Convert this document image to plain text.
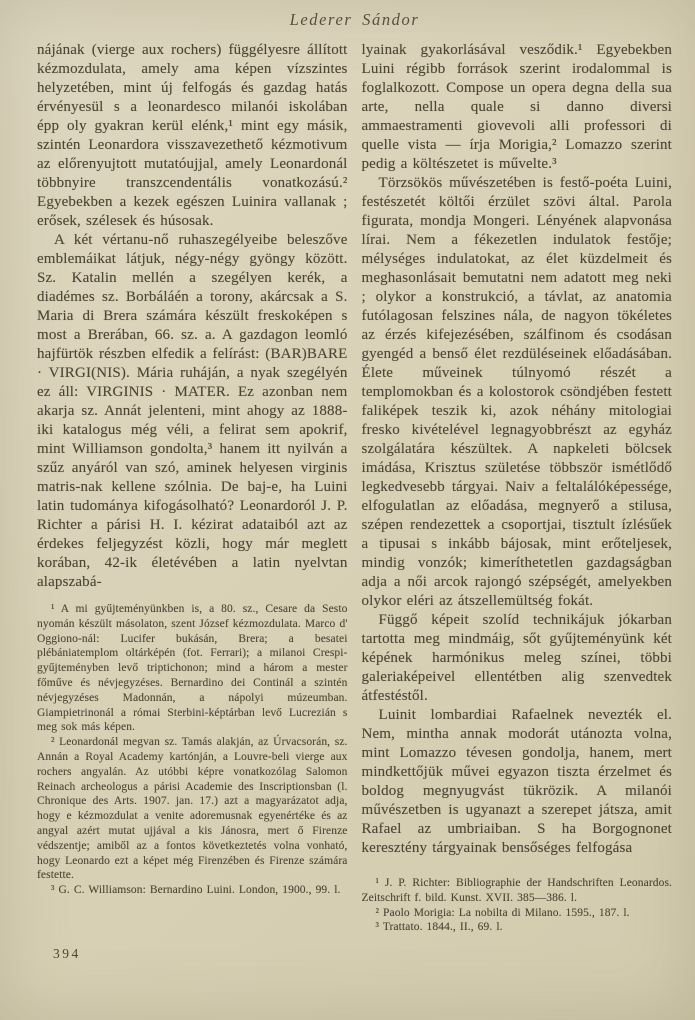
Lederer Sándor

nájának (vierge aux rochers) függélyesre állított kézmozdulata, amely ama képen vízszintes helyzetében, mint új felfogás és gazdag hatás érvényesül s a leonardesco milanói iskolában épp oly gyakran kerül elénk,¹ mint egy másik, szintén Leonardora visszavezethető kézmotivum az előrenyujtott mutatóujjal, amely Leonardonál többnyire transzcendentális vonatkozású.² Egyebekben a kezek egészen Luinira vallanak ; erősek, szélesek és húsosak.

A két vértanu-nő ruhaszegélyeibe beleszőve emblemáikat látjuk, négy-négy gyöngy között. Sz. Katalin mellén a szegélyen kerék, a diadémes sz. Borbáláén a torony, akárcsak a S. Maria di Brera számára készült freskoképen s most a Brerában, 66. sz. a. A gazdagon leomló hajfürtök részben elfedik a felírást: (BAR)BARE · VIRGI(NIS). Mária ruháján, a nyak szegélyén ez áll: VIRGINIS · MATER. Ez azonban nem akarja sz. Annát jelenteni, mint ahogy az 1888-iki katalogus még véli, a felirat sem apokrif, mint Williamson gondolta,³ hanem itt nyilván a szűz anyáról van szó, aminek helyesen virginis matris-nak kellene szólnia. De baj-e, ha Luini latin tudománya kifogásolható? Leonardoról J. P. Richter a párisi H. I. kézirat adataiból azt az érdekes feljegyzést közli, hogy már meglett korában, 42-ik életévében a latin nyelvtan alapszabá-

¹ A mi gyűjteményünkben is, a 80. sz., Cesare da Sesto nyomán készült másolaton, szent József kézmozdulata. Marco d' Oggiono-nál: Lucifer bukásán, Brera; a besatei plébániatemplom oltárképén (fot. Ferrari); a milanoi Crespi-gyűjteményben levő triptichonon; mind a három a mester főműve és névjegyzéses. Bernardino dei Continál a szintén névjegyzéses Madonnán, a nápolyi múzeumban. Giampietrinonál a római Sterbini-képtárban levő Lucrezián s meg sok más képen.

² Leonardonál megvan sz. Tamás alakján, az Úrvacsorán, sz. Annán a Royal Academy kartónján, a Louvre-beli vierge aux rochers angyalán. Az utóbbi képre vonatkozólag Salomon Reinach archeologus a párisi Academie des Inscriptionsban (l. Chronique des Arts. 1907. jan. 17.) azt a magyarázatot adja, hogy e kézmozdulat a venite adoremusnak egyenértéke és az angyal azért mutat ujjával a kis Jánosra, mert ő Firenze védszentje; amiből az a fontos következtetés volna vonható, hogy Leonardo ezt a képet még Firenzében és Firenze számára festette.

³ G. C. Williamson: Bernardino Luini. London, 1900., 99. l.

lyainak gyakorlásával vesződik.¹ Egyebekben Luini régibb források szerint irodalommal is foglalkozott. Compose un opera degna della sua arte, nella quale si danno diversi ammaestramenti giovevoli alli professori di quelle vista — írja Morigia,² Lomazzo szerint pedig a költészetet is művelte.³

Törzsökös művészetében is festő-poéta Luini, festészetét költői érzület szövi által. Parola figurata, mondja Mongeri. Lényének alapvonása lírai. Nem a fékezetlen indulatok festője; mélységes indulatokat, az élet küzdelmeit és meghasonlásait bemutatni nem adatott meg neki ; olykor a konstrukció, a távlat, az anatomia futólagosan felszines nála, de nagyon tökéletes az érzés kifejezésében, szálfinom és csodásan gyengéd a benső élet rezdüléseinek előadásában. Élete műveinek túlnyomó részét a templomokban és a kolostorok csöndjében festett faliképek teszik ki, azok néhány mitologiai fresko kivételével legnagyobbrészt az egyház szolgálatára készültek. A napkeleti bölcsek imádása, Krisztus születése többször ismétlődő legkedvesebb tárgyai. Naiv a feltalálóképessége, elfogulatlan az előadása, megnyerő a stilusa, szépen rendezettek a csoportjai, tisztult ízlésűek a tipusai s inkább bájosak, mint erőteljesek, mindig vonzók; kimeríthetetlen gazdagságban adja a női arcok rajongó szépségét, amelyekben olykor eléri az átszellemültség fokát.

Függő képeit szolíd technikájuk jókarban tartotta meg mindmáig, sőt gyűjteményünk két képének harmónikus meleg színei, többi galeriaképeivel ellentétben alig szenvedtek átfestéstől.

Luinit lombardiai Rafaelnek nevezték el. Nem, mintha annak modorát utánozta volna, mint Lomazzo tévesen gondolja, hanem, mert mindkettőjük művei egyazon tiszta érzelmet és boldog megnyugvást tükrözik. A milanói művészetben is ugyanazt a szerepet játsza, amit Rafael az umbriaiban. S ha Borgognonet keresztény tárgyainak bensőséges felfogása

¹ J. P. Richter: Bibliographie der Handschriften Leonardos. Zeitschrift f. bild. Kunst. XVII. 385—386. l.

² Paolo Morigia: La nobilta di Milano. 1595., 187. l.

³ Trattato. 1844., II., 69. l.

394
